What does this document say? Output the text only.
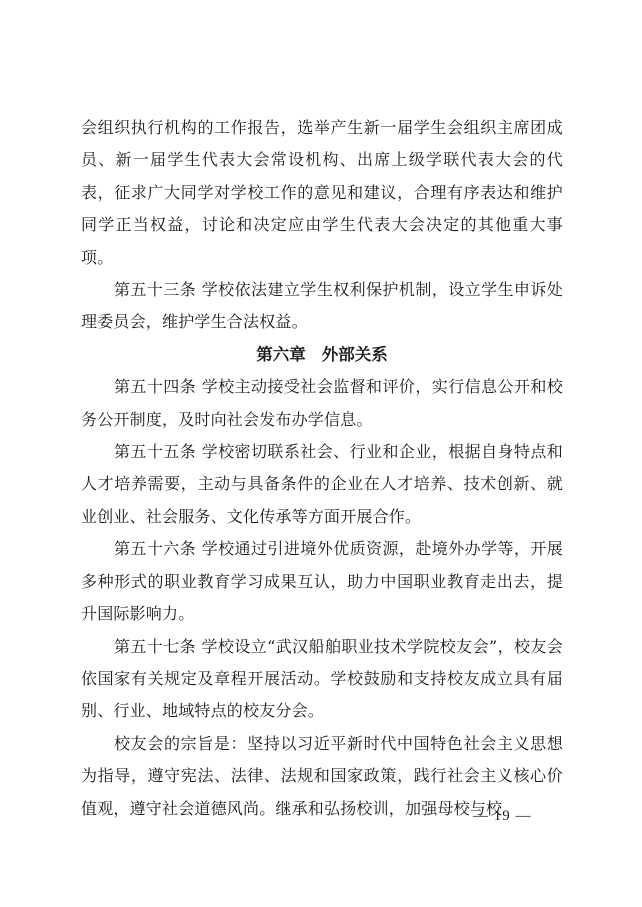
会组织执行机构的工作报告，选举产生新一届学生会组织主席团成员、新一届学生代表大会常设机构、出席上级学联代表大会的代表，征求广大同学对学校工作的意见和建议，合理有序表达和维护同学正当权益，讨论和决定应由学生代表大会决定的其他重大事项。

第五十三条 学校依法建立学生权利保护机制，设立学生申诉处理委员会，维护学生合法权益。

第六章 外部关系

第五十四条 学校主动接受社会监督和评价，实行信息公开和校务公开制度，及时向社会发布办学信息。

第五十五条 学校密切联系社会、行业和企业，根据自身特点和人才培养需要，主动与具备条件的企业在人才培养、技术创新、就业创业、社会服务、文化传承等方面开展合作。

第五十六条 学校通过引进境外优质资源，赴境外办学等，开展多种形式的职业教育学习成果互认，助力中国职业教育走出去，提升国际影响力。

第五十七条 学校设立“武汉船舶职业技术学院校友会”，校友会依国家有关规定及章程开展活动。学校鼓励和支持校友成立具有届别、行业、地域特点的校友分会。

校友会的宗旨是：坚持以习近平新时代中国特色社会主义思想为指导，遵守宪法、法律、法规和国家政策，践行社会主义核心价值观，遵守社会道德风尚。继承和弘扬校训，加强母校与校

— 19 —
